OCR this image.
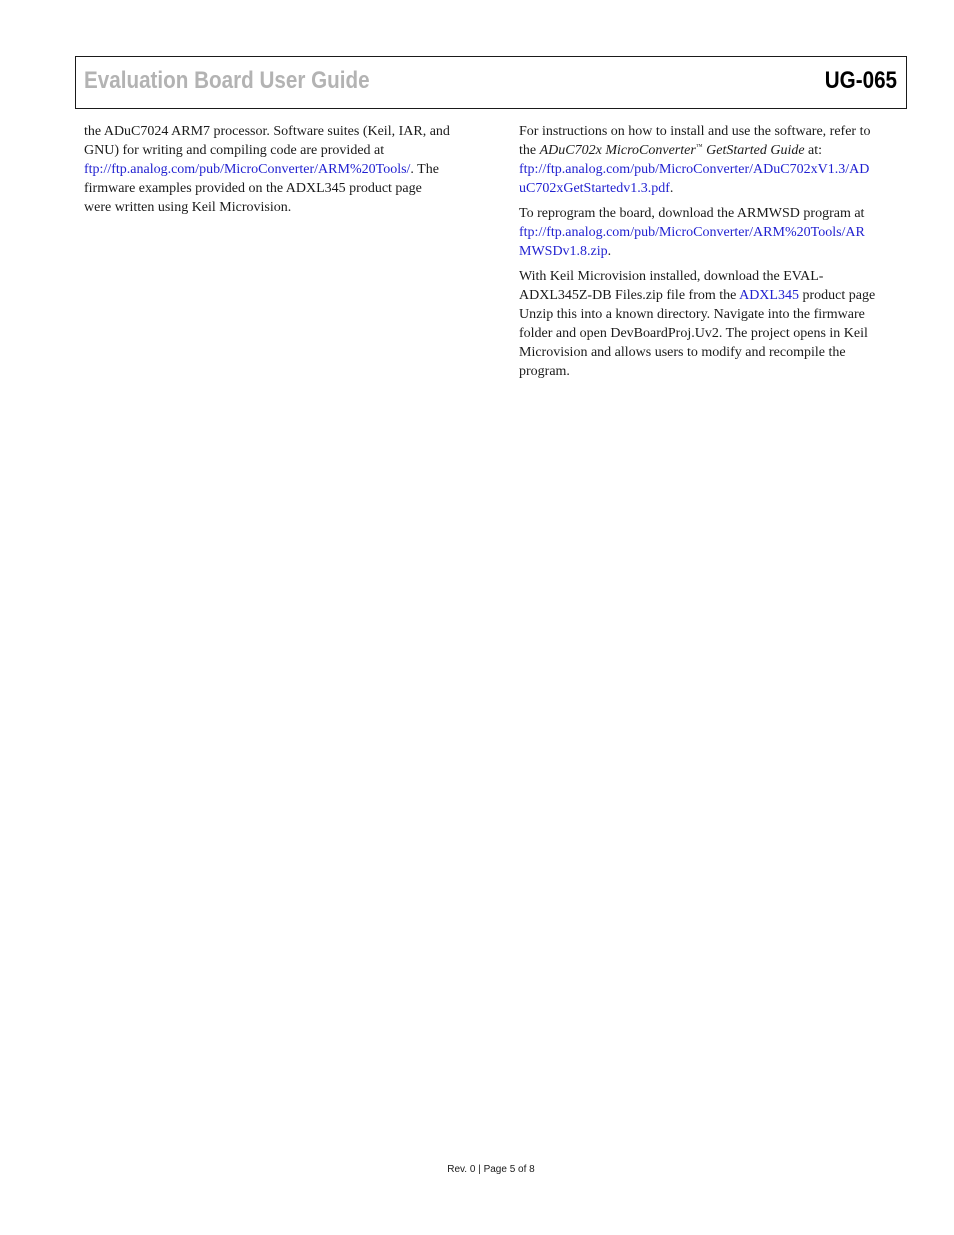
Evaluation Board User Guide	UG-065
the ADuC7024 ARM7 processor. Software suites (Keil, IAR, and
GNU) for writing and compiling code are provided at
ftp://ftp.analog.com/pub/MicroConverter/ARM%20Tools/. The
firmware examples provided on the ADXL345 product page
were written using Keil Microvision.
For instructions on how to install and use the software, refer to
the ADuC702x MicroConverter™ GetStarted Guide at:
ftp://ftp.analog.com/pub/MicroConverter/ADuC702xV1.3/AD
uC702xGetStartedv1.3.pdf.
To reprogram the board, download the ARMWSD program at
ftp://ftp.analog.com/pub/MicroConverter/ARM%20Tools/AR
MWSDv1.8.zip.
With Keil Microvision installed, download the EVAL-
ADXL345Z-DB Files.zip file from the ADXL345 product page
Unzip this into a known directory. Navigate into the firmware
folder and open DevBoardProj.Uv2. The project opens in Keil
Microvision and allows users to modify and recompile the
program.
Rev. 0 | Page 5 of 8
